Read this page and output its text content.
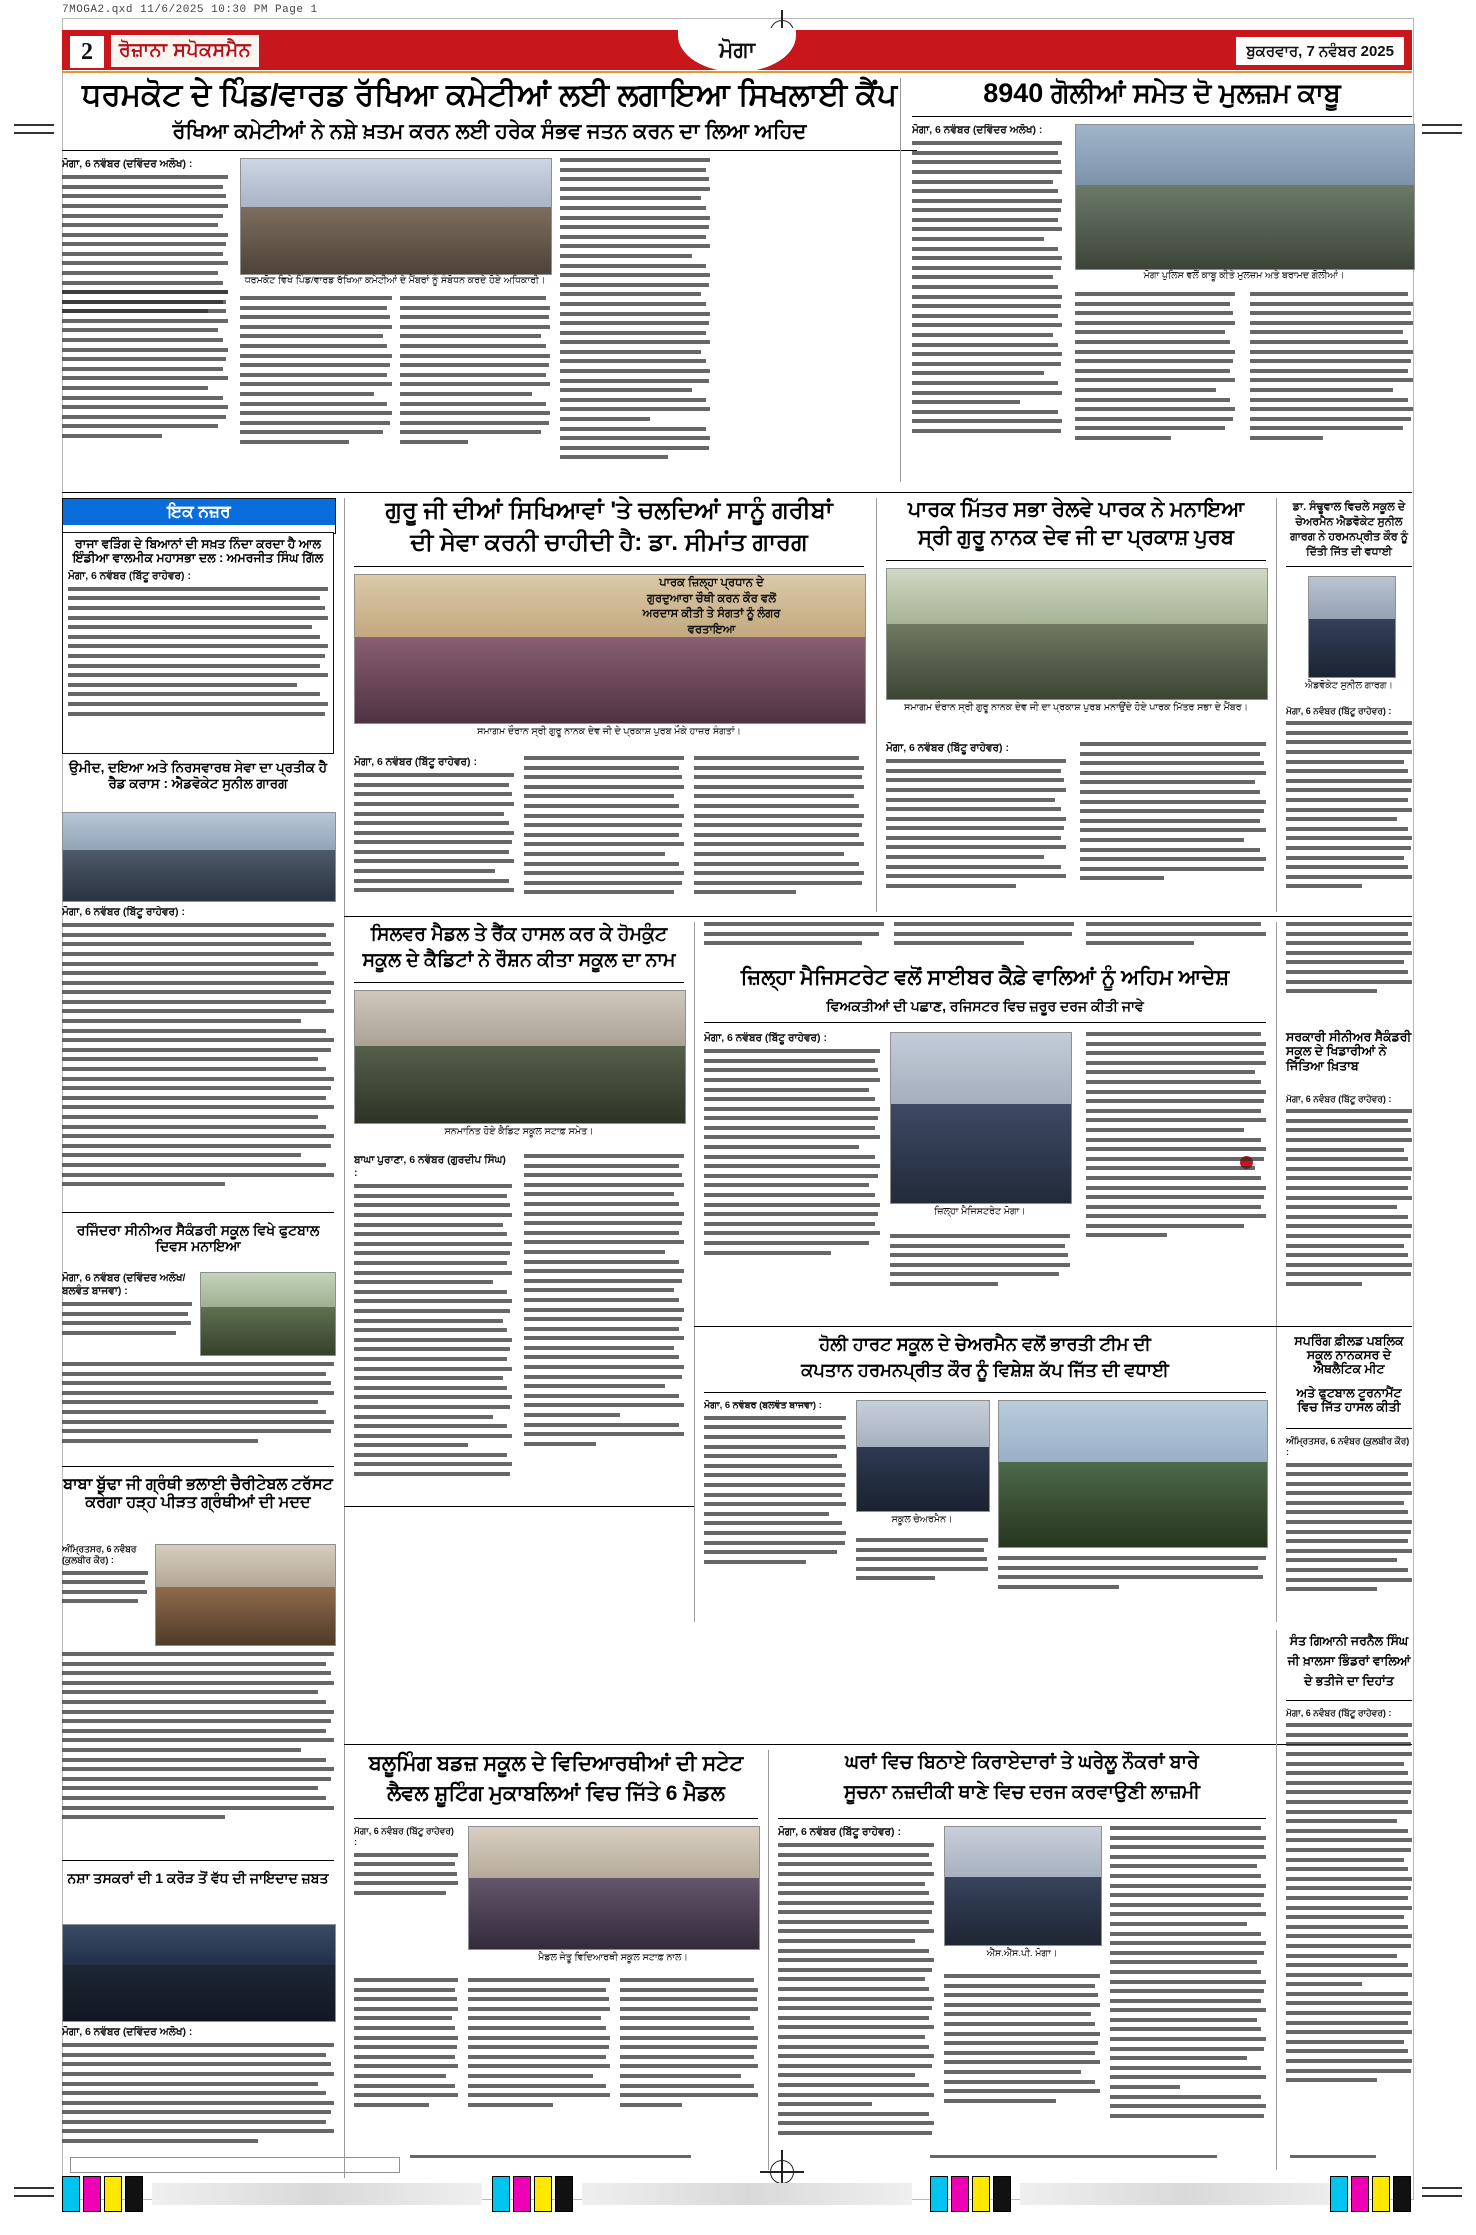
7MOGA2.qxd 11/6/2025 10:30 PM Page 1
2	ਰੋਜ਼ਾਨਾ ਸਪੋਕਸਮੈਨ	ਮੋਗਾ	ਬੁਕਰਵਾਰ, 7 ਨਵੰਬਰ 2025
ਧਰਮਕੋਟ ਦੇ ਪਿੰਡ/ਵਾਰਡ ਰੱਖਿਆ ਕਮੇਟੀਆਂ ਲਈ ਲਗਾਇਆ ਸਿਖਲਾਈ ਕੈਂਪ
ਰੱਖਿਆ ਕਮੇਟੀਆਂ ਨੇ ਨਸ਼ੇ ਖ਼ਤਮ ਕਰਨ ਲਈ ਹਰੇਕ ਸੰਭਵ ਜਤਨ ਕਰਨ ਦਾ ਲਿਆ ਅਹਿਦ
ਧਰਮਕੋਟ ਵਿਖੇ ਪਿੰਡ/ਵਾਰਡ ਰੱਖਿਆ ਕਮੇਟੀਆਂ ਦੇ ਮੈਂਬਰਾਂ ਨੂੰ ਸੰਬੋਧਨ ਕਰਦੇ ਹੋਏ ਅਧਿਕਾਰੀ।
ਮੋਗਾ, 6 ਨਵੰਬਰ (ਦਵਿੰਦਰ ਅਲੋਖ) :
8940 ਗੋਲੀਆਂ ਸਮੇਤ ਦੋ ਮੁਲਜ਼ਮ ਕਾਬੂ
ਮੋਗਾ ਪੁਲਿਸ ਵਲੋਂ ਕਾਬੂ ਕੀਤੇ ਮੁਲਜ਼ਮ ਅਤੇ ਬਰਾਮਦ ਗੋਲੀਆਂ।
ਮੋਗਾ, 6 ਨਵੰਬਰ (ਦਵਿੰਦਰ ਅਲੋਖ) :
ਇਕ ਨਜ਼ਰ
ਰਾਜਾ ਵੜਿੰਗ ਦੇ ਬਿਆਨਾਂ ਦੀ ਸਖ਼ਤ ਨਿੰਦਾ ਕਰਦਾ ਹੈ ਆਲ ਇੰਡੀਆ ਵਾਲਮੀਕ ਮਹਾਸਭਾ ਦਲ : ਅਮਰਜੀਤ ਸਿੰਘ ਗਿੱਲ
ਮੋਗਾ, 6 ਨਵੰਬਰ (ਬਿੱਟੂ ਰਾਹੇਵਰ) :
ਉਮੀਦ, ਦਇਆ ਅਤੇ ਨਿਰਸਵਾਰਥ ਸੇਵਾ ਦਾ ਪ੍ਰਤੀਕ ਹੈ ਰੈਡ ਕਰਾਸ : ਐਡਵੋਕੇਟ ਸੁਨੀਲ ਗਾਰਗ
ਮੋਗਾ, 6 ਨਵੰਬਰ (ਬਿੱਟੂ ਰਾਹੇਵਰ) :
ਰਜਿੰਦਰਾ ਸੀਨੀਅਰ ਸੈਕੰਡਰੀ ਸਕੂਲ ਵਿਖੇ ਫੁਟਬਾਲ ਦਿਵਸ ਮਨਾਇਆ
ਮੋਗਾ, 6 ਨਵੰਬਰ (ਦਵਿੰਦਰ ਅਲੋਖ/ਬਲਵੰਤ ਬਾਜਵਾ) :
ਬਾਬਾ ਬੁੱਢਾ ਜੀ ਗ੍ਰੰਥੀ ਭਲਾਈ ਚੈਰੀਟੇਬਲ ਟਰੱਸਟ ਕਰੇਗਾ ਹੜ੍ਹ ਪੀੜਤ ਗ੍ਰੰਥੀਆਂ ਦੀ ਮਦਦ
ਅੰਮ੍ਰਿਤਸਰ, 6 ਨਵੰਬਰ (ਕੁਲਬੀਰ ਕੌਰ) :
ਨਸ਼ਾ ਤਸਕਰਾਂ ਦੀ 1 ਕਰੋੜ ਤੋਂ ਵੱਧ ਦੀ ਜਾਇਦਾਦ ਜ਼ਬਤ
ਮੋਗਾ, 6 ਨਵੰਬਰ (ਦਵਿੰਦਰ ਅਲੋਖ) :
ਗੁਰੂ ਜੀ ਦੀਆਂ ਸਿਖਿਆਵਾਂ 'ਤੇ ਚਲਦਿਆਂ ਸਾਨੂੰ ਗਰੀਬਾਂ
ਦੀ ਸੇਵਾ ਕਰਨੀ ਚਾਹੀਦੀ ਹੈ: ਡਾ. ਸੀਮਾਂਤ ਗਾਰਗ
ਸਮਾਗਮ ਦੌਰਾਨ ਸ੍ਰੀ ਗੁਰੂ ਨਾਨਕ ਦੇਵ ਜੀ ਦੇ ਪ੍ਰਕਾਸ਼ ਪੁਰਬ ਮੌਕੇ ਹਾਜ਼ਰ ਸੰਗਤਾਂ।
ਮੋਗਾ, 6 ਨਵੰਬਰ (ਬਿੱਟੂ ਰਾਹੇਵਰ) :
ਪਾਰਕ ਮਿੱਤਰ ਸਭਾ ਰੇਲਵੇ ਪਾਰਕ ਨੇ ਮਨਾਇਆ
ਸ੍ਰੀ ਗੁਰੂ ਨਾਨਕ ਦੇਵ ਜੀ ਦਾ ਪ੍ਰਕਾਸ਼ ਪੁਰਬ
ਸਮਾਗਮ ਦੌਰਾਨ ਸ੍ਰੀ ਗੁਰੂ ਨਾਨਕ ਦੇਵ ਜੀ ਦਾ ਪ੍ਰਕਾਸ਼ ਪੁਰਬ ਮਨਾਉਂਦੇ ਹੋਏ ਪਾਰਕ ਮਿੱਤਰ ਸਭਾ ਦੇ ਮੈਂਬਰ।
ਮੋਗਾ, 6 ਨਵੰਬਰ (ਬਿੱਟੂ ਰਾਹੇਵਰ) :
ਪਾਰਕ ਜ਼ਿਲ੍ਹਾ ਪ੍ਰਧਾਨ ਦੇ ਗੁਰਦੁਆਰਾ ਚੌਥੀ ਕਰਨ ਕੌਰ ਵਲੋਂ ਅਰਦਾਸ ਕੀਤੀ ਤੇ ਸੰਗਤਾਂ ਨੂੰ ਲੰਗਰ ਵਰਤਾਇਆ
ਡਾ. ਸੰਢੂਵਾਲ ਵਿਚਲੇ ਸਕੂਲ ਦੇ ਚੇਅਰਮੈਨ ਐਡਵੋਕੇਟ ਸੁਨੀਲ ਗਾਰਗ ਨੇ ਹਰਮਨਪ੍ਰੀਤ ਕੌਰ ਨੂੰ ਦਿੱਤੀ ਜਿੱਤ ਦੀ ਵਧਾਈ
ਐਡਵੋਕੇਟ ਸੁਨੀਲ ਗਾਰਗ।
ਮੋਗਾ, 6 ਨਵੰਬਰ (ਬਿੱਟੂ ਰਾਹੇਵਰ) :
ਸਿਲਵਰ ਮੈਡਲ ਤੇ ਰੈਂਕ ਹਾਸਲ ਕਰ ਕੇ ਹੋਮਕੁੰਟ
ਸਕੂਲ ਦੇ ਕੈਡਿਟਾਂ ਨੇ ਰੌਸ਼ਨ ਕੀਤਾ ਸਕੂਲ ਦਾ ਨਾਮ
ਸਨਮਾਨਿਤ ਹੋਏ ਕੈਡਿਟ ਸਕੂਲ ਸਟਾਫ਼ ਸਮੇਤ।
ਬਾਘਾ ਪੁਰਾਣਾ, 6 ਨਵੰਬਰ (ਗੁਰਦੀਪ ਸਿੰਘ) :
ਜ਼ਿਲ੍ਹਾ ਮੈਜਿਸਟਰੇਟ ਵਲੋਂ ਸਾਈਬਰ ਕੈਫ਼ੇ ਵਾਲਿਆਂ ਨੂੰ ਅਹਿਮ ਆਦੇਸ਼
ਵਿਅਕਤੀਆਂ ਦੀ ਪਛਾਣ, ਰਜਿਸਟਰ ਵਿਚ ਜ਼ਰੂਰ ਦਰਜ ਕੀਤੀ ਜਾਵੇ
ਮੋਗਾ, 6 ਨਵੰਬਰ (ਬਿੱਟੂ ਰਾਹੇਵਰ) :
ਜ਼ਿਲ੍ਹਾ ਮੈਜਿਸਟਰੇਟ ਮੋਗਾ।
ਸਰਕਾਰੀ ਸੀਨੀਅਰ ਸੈਕੰਡਰੀ ਸਕੂਲ ਦੇ ਖਿਡਾਰੀਆਂ ਨੇ ਜਿੱਤਿਆ ਖ਼ਿਤਾਬ
ਮੋਗਾ, 6 ਨਵੰਬਰ (ਬਿੱਟੂ ਰਾਹੇਵਰ) :
ਹੋਲੀ ਹਾਰਟ ਸਕੂਲ ਦੇ ਚੇਅਰਮੈਨ ਵਲੋਂ ਭਾਰਤੀ ਟੀਮ ਦੀ
ਕਪਤਾਨ ਹਰਮਨਪ੍ਰੀਤ ਕੌਰ ਨੂੰ ਵਿਸ਼ੇਸ਼ ਕੱਪ ਜਿੱਤ ਦੀ ਵਧਾਈ
ਮੋਗਾ, 6 ਨਵੰਬਰ (ਬਲਵੰਤ ਬਾਜਵਾ) :
ਸਕੂਲ ਚੇਅਰਮੈਨ।
ਸਪਰਿੰਗ ਫ਼ੀਲਡ ਪਬਲਿਕ ਸਕੂਲ ਨਾਨਕਸਰ ਦੇ ਐਥਲੈਟਿਕ ਮੀਟ
ਅਤੇ ਫੁਟਬਾਲ ਟੂਰਨਾਮੈਂਟ ਵਿਚ ਜਿੱਤ ਹਾਸਲ ਕੀਤੀ
ਅੰਮ੍ਰਿਤਸਰ, 6 ਨਵੰਬਰ (ਕੁਲਬੀਰ ਕੌਰ) :
ਬਲੂਮਿੰਗ ਬਡਜ਼ ਸਕੂਲ ਦੇ ਵਿਦਿਆਰਥੀਆਂ ਦੀ ਸਟੇਟ
ਲੈਵਲ ਸ਼ੂਟਿੰਗ ਮੁਕਾਬਲਿਆਂ ਵਿਚ ਜਿੱਤੇ 6 ਮੈਡਲ
ਮੋਗਾ, 6 ਨਵੰਬਰ (ਬਿੱਟੂ ਰਾਹੇਵਰ) :
ਮੈਡਲ ਜੇਤੂ ਵਿਦਿਆਰਥੀ ਸਕੂਲ ਸਟਾਫ਼ ਨਾਲ।
ਘਰਾਂ ਵਿਚ ਬਿਠਾਏ ਕਿਰਾਏਦਾਰਾਂ ਤੇ ਘਰੇਲੂ ਨੌਕਰਾਂ ਬਾਰੇ
ਸੂਚਨਾ ਨਜ਼ਦੀਕੀ ਥਾਣੇ ਵਿਚ ਦਰਜ ਕਰਵਾਉਣੀ ਲਾਜ਼ਮੀ
ਮੋਗਾ, 6 ਨਵੰਬਰ (ਬਿੱਟੂ ਰਾਹੇਵਰ) :
ਐੱਸ.ਐੱਸ.ਪੀ. ਮੋਗਾ।
ਸੰਤ ਗਿਆਨੀ ਜਰਨੈਲ ਸਿੰਘ
ਜੀ ਖ਼ਾਲਸਾ ਭਿੰਡਰਾਂ ਵਾਲਿਆਂ
ਦੇ ਭਤੀਜੇ ਦਾ ਦਿਹਾਂਤ
ਮੋਗਾ, 6 ਨਵੰਬਰ (ਬਿੱਟੂ ਰਾਹੇਵਰ) :
